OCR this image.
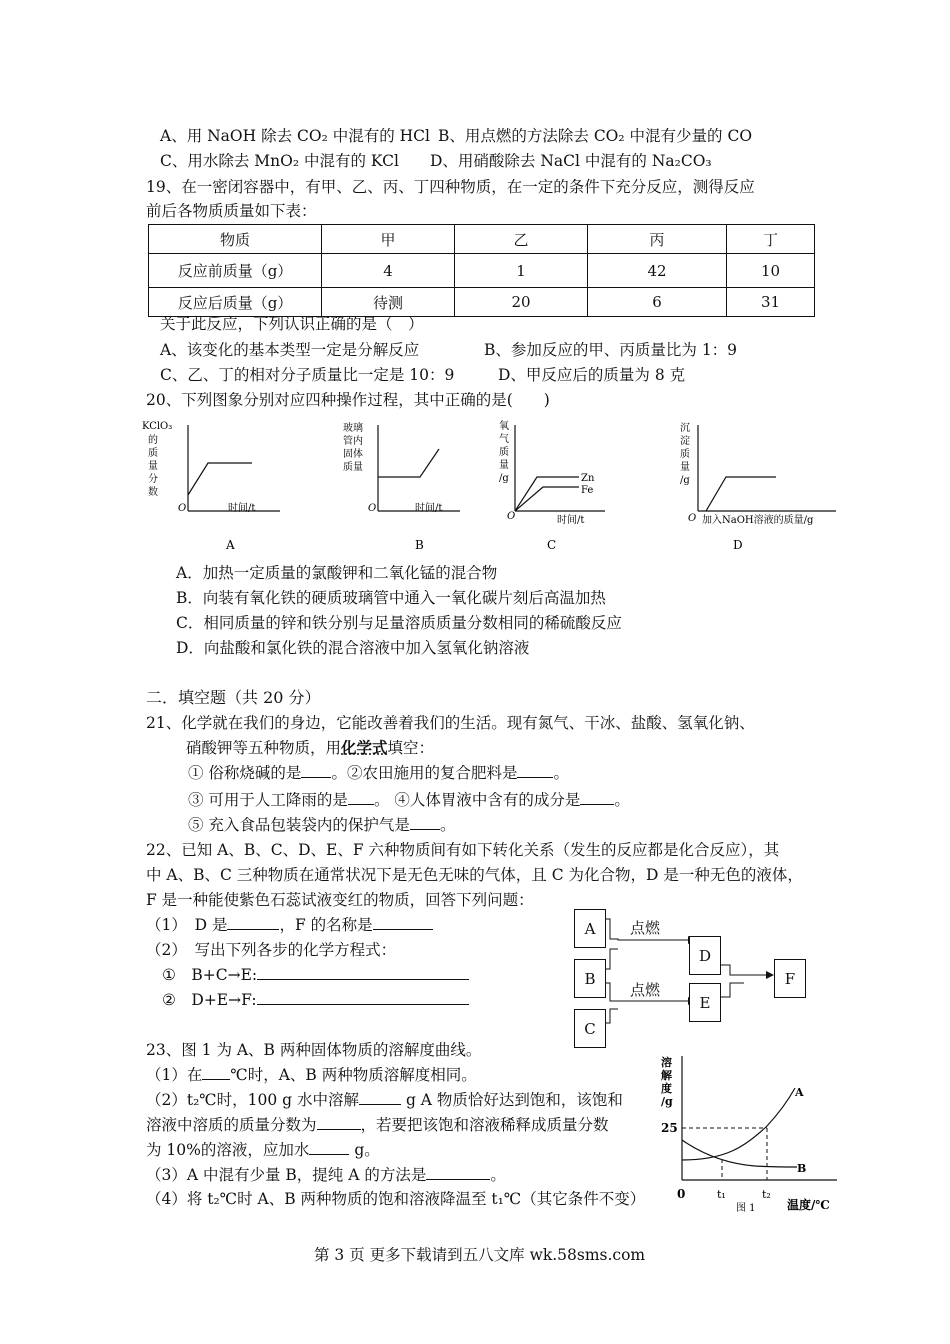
A、用 NaOH 除去 CO₂ 中混有的 HCl B、用点燃的方法除去 CO₂ 中混有少量的 CO
C、用水除去 MnO₂ 中混有的 KCl D、用硝酸除去 NaCl 中混有的 Na₂CO₃
19、在一密闭容器中，有甲、乙、丙、丁四种物质，在一定的条件下充分反应，测得反应
前后各物质质量如下表：
物质	甲	乙	丙	丁
反应前质量（g）	4	1	42	10
反应后质量（g）	待测	20	6	31
关于此反应，下列认识正确的是（　）
A、该变化的基本类型一定是分解反应	B、参加反应的甲、丙质量比为 1：9
C、乙、丁的相对分子质量比一定是 10：9	D、甲反应后的质量为 8 克
20、下列图象分别对应四种操作过程，其中正确的是(　　)
KClO₃
的
质
量
分
数
O	时间/t
A
玻璃
管内
固体
质量
O	时间/t
B
氧
气
质
量
/g	Zn
Fe
O	时间/t
C
沉
淀
质
量
/g
O 加入NaOH溶液的质量/g
D
A．加热一定质量的氯酸钾和二氧化锰的混合物
B．向装有氧化铁的硬质玻璃管中通入一氧化碳片刻后高温加热
C．相同质量的锌和铁分别与足量溶质质量分数相同的稀硫酸反应
D．向盐酸和氯化铁的混合溶液中加入氢氧化钠溶液
二．填空题（共 20 分）
21、化学就在我们的身边，它能改善着我们的生活。现有氮气、干冰、盐酸、氢氧化钠、
硝酸钾等五种物质，用化学式填空：
① 俗称烧碱的是 。②农田施用的复合肥料是 。
③ 可用于人工降雨的是 。 ④人体胃液中含有的成分是 。
⑤ 充入食品包装袋内的保护气是 。
22、已知 A、B、C、D、E、F 六种物质间有如下转化关系（发生的反应都是化合反应），其
中 A、B、C 三种物质在通常状况下是无色无味的气体，且 C 为化合物，D 是一种无色的液体，
F 是一种能使紫色石蕊试液变红的物质，回答下列问题：
（1）　D 是	，F 的名称是
（2）　写出下列各步的化学方程式：
①　B+C→E:
②　D+E→F:
A
B
C
D
E
F
点燃
点燃
23、图 1 为 A、B 两种固体物质的溶解度曲线。
（1）在 ℃时，A、B 两种物质溶解度相同。
（2）t₂℃时，100 g 水中溶解	g A 物质恰好达到饱和，该饱和
溶液中溶质的质量分数为	，若要把该饱和溶液稀释成质量分数
为 10%的溶液，应加水	g。
（3）A 中混有少量 B，提纯 A 的方法是	。
（4）将 t₂℃时 A、B 两种物质的饱和溶液降温至 t₁℃（其它条件不变）
溶
解
度
/g
25
0	t₁	t₂
温度/℃
图 1
A
B
第 3 页 更多下载请到五八文库 wk.58sms.com
